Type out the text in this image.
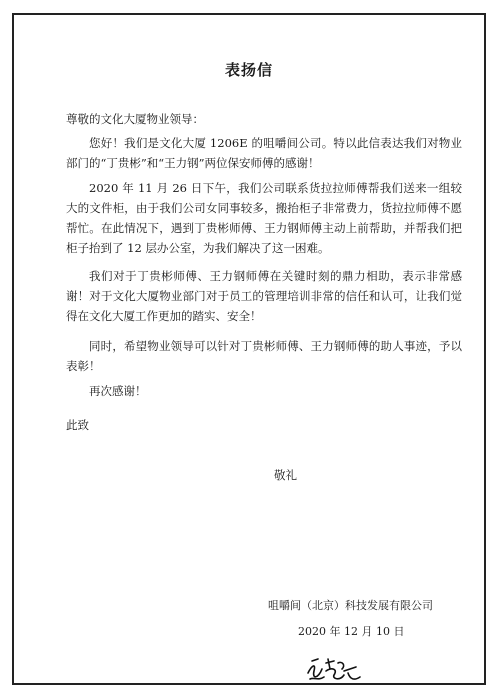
表扬信
尊敬的文化大厦物业领导：

您好！我们是文化大厦 1206E 的咀嚼间公司。特以此信表达我们对物业部门的“丁贵彬”和“王力钢”两位保安师傅的感谢！

2020 年 11 月 26 日下午，我们公司联系货拉拉师傅帮我们送来一组较大的文件柜，由于我们公司女同事较多，搬抬柜子非常费力，货拉拉师傅不愿帮忙。在此情况下，遇到丁贵彬师傅、王力钢师傅主动上前帮助，并帮我们把柜子抬到了 12 层办公室，为我们解决了这一困难。

我们对于丁贵彬师傅、王力钢师傅在关键时刻的鼎力相助，表示非常感谢！对于文化大厦物业部门对于员工的管理培训非常的信任和认可，让我们觉得在文化大厦工作更加的踏实、安全！

同时，希望物业领导可以针对丁贵彬师傅、王力钢师傅的助人事迹，予以表彰！

再次感谢！

此致
敬礼
咀嚼间（北京）科技发展有限公司
2020 年 12 月 10 日
